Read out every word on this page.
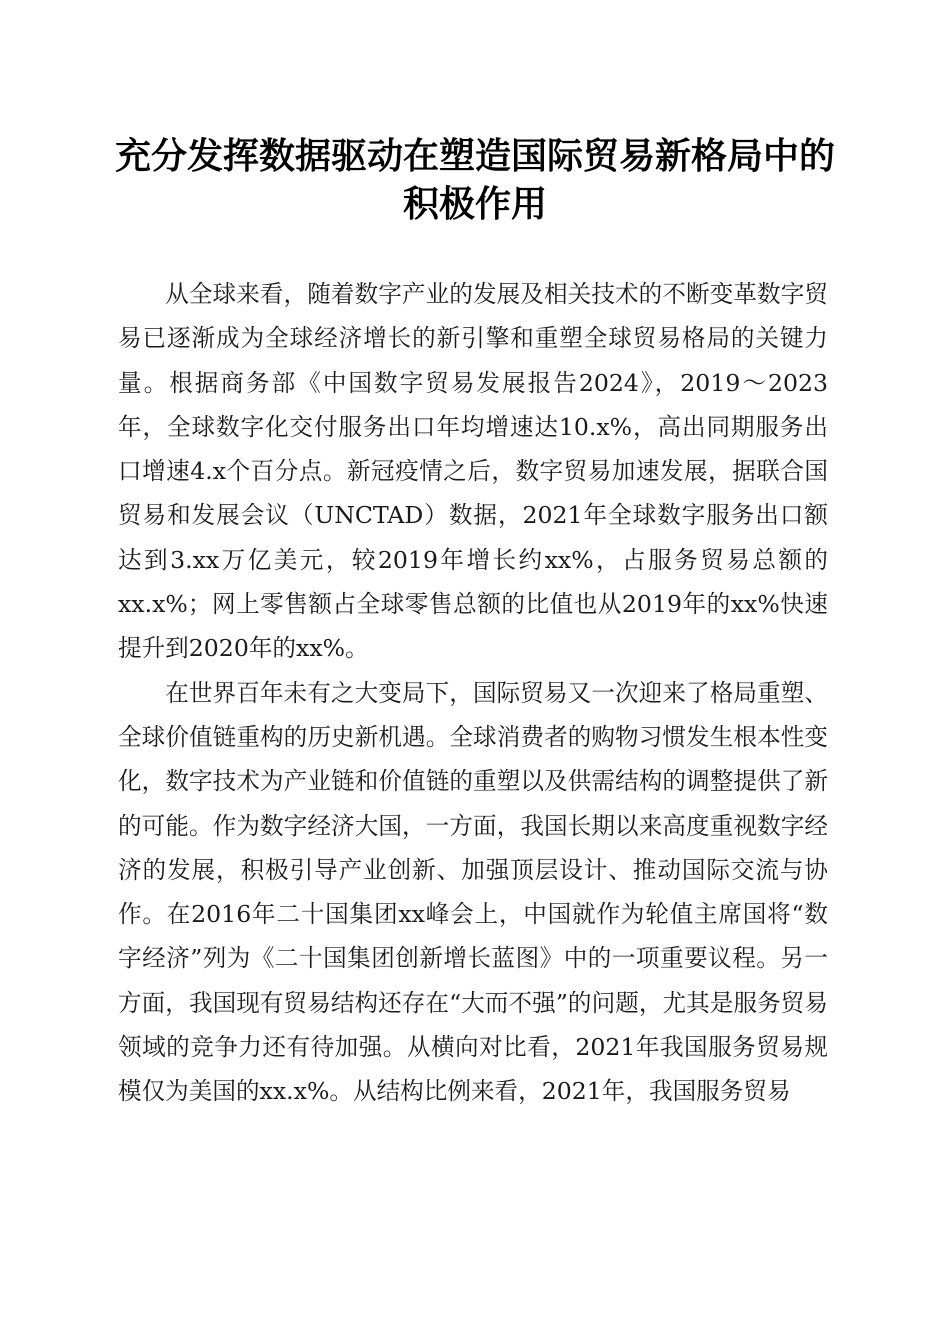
充分发挥数据驱动在塑造国际贸易新格局中的积极作用

从全球来看，随着数字产业的发展及相关技术的不断变革数字贸易已逐渐成为全球经济增长的新引擎和重塑全球贸易格局的关键力量。根据商务部《中国数字贸易发展报告2024》，2019～2023年，全球数字化交付服务出口年均增速达10.x%，高出同期服务出口增速4.x个百分点。新冠疫情之后，数字贸易加速发展，据联合国贸易和发展会议（UNCTAD）数据，2021年全球数字服务出口额达到3.xx万亿美元，较2019年增长约xx%，占服务贸易总额的xx.x%；网上零售额占全球零售总额的比值也从2019年的xx%快速提升到2020年的xx%。

在世界百年未有之大变局下，国际贸易又一次迎来了格局重塑、全球价值链重构的历史新机遇。全球消费者的购物习惯发生根本性变化，数字技术为产业链和价值链的重塑以及供需结构的调整提供了新的可能。作为数字经济大国，一方面，我国长期以来高度重视数字经济的发展，积极引导产业创新、加强顶层设计、推动国际交流与协作。在2016年二十国集团xx峰会上，中国就作为轮值主席国将“数字经济”列为《二十国集团创新增长蓝图》中的一项重要议程。另一方面，我国现有贸易结构还存在“大而不强”的问题，尤其是服务贸易领域的竞争力还有待加强。从横向对比看，2021年我国服务贸易规模仅为美国的xx.x%。从结构比例来看，2021年，我国服务贸易
